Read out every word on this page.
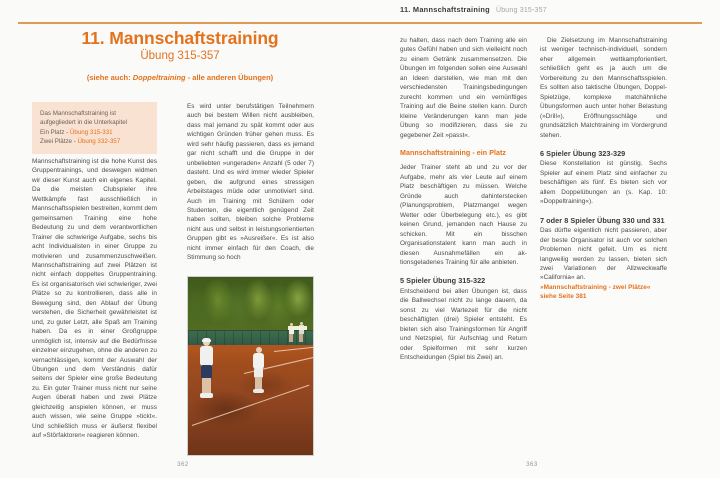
11. Mannschaftstraining
Übung 315-357
(siehe auch: Doppeltraining - alle anderen Übungen)
Das Mannschaftstraining ist aufgegliedert in die Unterkapitel
Ein Platz - Übung 315-331
Zwei Plätze - Übung 332-357

Mannschaftstraining ist die hohe Kunst des Gruppentrainings, und deswegen widmen wir dieser Kunst auch ein eigenes Kapitel. Da die meisten Clubspieler ihre Wettkämpfe fast ausschließlich in Mannschaftsspielen bestreiten, kommt dem gemeinsamen Training eine hohe Bedeutung zu und dem verantwortlichen Trainer die schwierige Aufgabe, sechs bis acht Individualisten in einer Gruppe zu motivieren und zusammenzuschweißen. Mannschaftstraining auf zwei Plätzen ist nicht einfach doppeltes Gruppentraining. Es ist organisatorisch viel schwieriger, zwei Plätze so zu kontrollieren, dass alle in Bewegung sind, den Ablauf der Übung verstehen, die Sicherheit gewährleistet ist und, zu guter Letzt, alle Spaß am Training haben. Da es in einer Großgruppe unmöglich ist, intensiv auf die Bedürfnisse einzelner einzugehen, ohne die anderen zu vernachlässigen, kommt der Auswahl der Übungen und dem Verständnis dafür seitens der Spieler eine große Bedeutung zu. Ein guter Trainer muss nicht nur seine Augen überall haben und zwei Plätze gleichzeitig anspielen können, er muss auch wissen, wie seine Gruppe »tickt«. Und schließlich muss er äußerst flexibel auf »Störfaktoren« reagieren können.

Es wird unter berufstätigen Teilnehmern auch bei bestem Willen nicht ausbleiben, dass mal jemand zu spät kommt oder aus wichtigen Gründen früher gehen muss. Es wird sehr häufig passieren, dass es jemand gar nicht schafft und die Gruppe in der unbeliebten »ungeraden« Anzahl (5 oder 7) dasteht. Und es wird immer wieder Spieler geben, die aufgrund eines stressigen Arbeitstages müde oder unmotiviert sind. Auch im Training mit Schülern oder Studenten, die eigentlich genügend Zeit haben sollten, bleiben solche Probleme nicht aus und selbst in leistungsorientierten Gruppen gibt es »Ausreißer«. Es ist also nicht immer einfach für den Coach, die Stimmung so hoch

362
11. Mannschaftstraining Übung 315-357

zu halten, dass nach dem Training alle ein gutes Gefühl haben und sich vielleicht noch zu einem Getränk zusammensetzen. Die Übungen im folgenden sollen eine Auswahl an Ideen darstellen, wie man mit den verschiedensten Trainingsbedingungen zurecht kommen und ein vernünftiges Training auf die Beine stellen kann. Durch kleine Veränderungen kann man jede Übung so modifizieren, dass sie zu gegebener Zeit »passt«.

Mannschaftstraining - ein Platz

Jeder Trainer steht ab und zu vor der Aufgabe, mehr als vier Leute auf einem Platz beschäftigen zu müssen. Welche Gründe auch dahinterstecken (Planungsproblem, Platzmangel wegen Wetter oder Überbelegung etc.), es gibt keinen Grund, jemanden nach Hause zu schicken. Mit ein bisschen Organisationstalent kann man auch in diesen Ausnahmefällen ein ak-tionsgeladenes Training für alle anbieten.

5 Spieler Übung 315-322

Entscheidend bei allen Übungen ist, dass die Ballwechsel nicht zu lange dauern, da sonst zu viel Wartezeit für die nicht beschäftigten (drei) Spieler entsteht. Es bieten sich also Trainingsformen für Angriff und Netzspiel, für Aufschlag und Return oder Spielformen mit sehr kurzen Entscheidungen (Spiel bis Zwei) an.

Die Zielsetzung im Mannschaftstraining ist weniger technisch-individuell, sondern eher allgemein wettkampforientiert, schließlich geht es ja auch um die Vorbereitung zu den Mannschaftsspielen. Es sollten also taktische Übungen, Doppel-Spielzüge, komplexe matchähnliche Übungsformen auch unter hoher Belastung (»Drill«), Eröffnungsschläge und grundsätzlich Matchtraining im Vordergrund stehen.

6 Spieler Übung 323-329

Diese Konstellation ist günstig. Sechs Spieler auf einem Platz sind einfacher zu beschäftigen als fünf. Es bieten sich vor allem Doppelübungen an (s. Kap. 10: »Doppeltraining«).

7 oder 8 Spieler Übung 330 und 331

Das dürfte eigentlich nicht passieren, aber der beste Organisator ist auch vor solchen Problemen nicht gefeit. Um es nicht langweilig werden zu lassen, bieten sich zwei Variationen der Allzweckwaffe »California« an.

»Mannschaftstraining - zwei Plätze« siehe Seite 381

363
